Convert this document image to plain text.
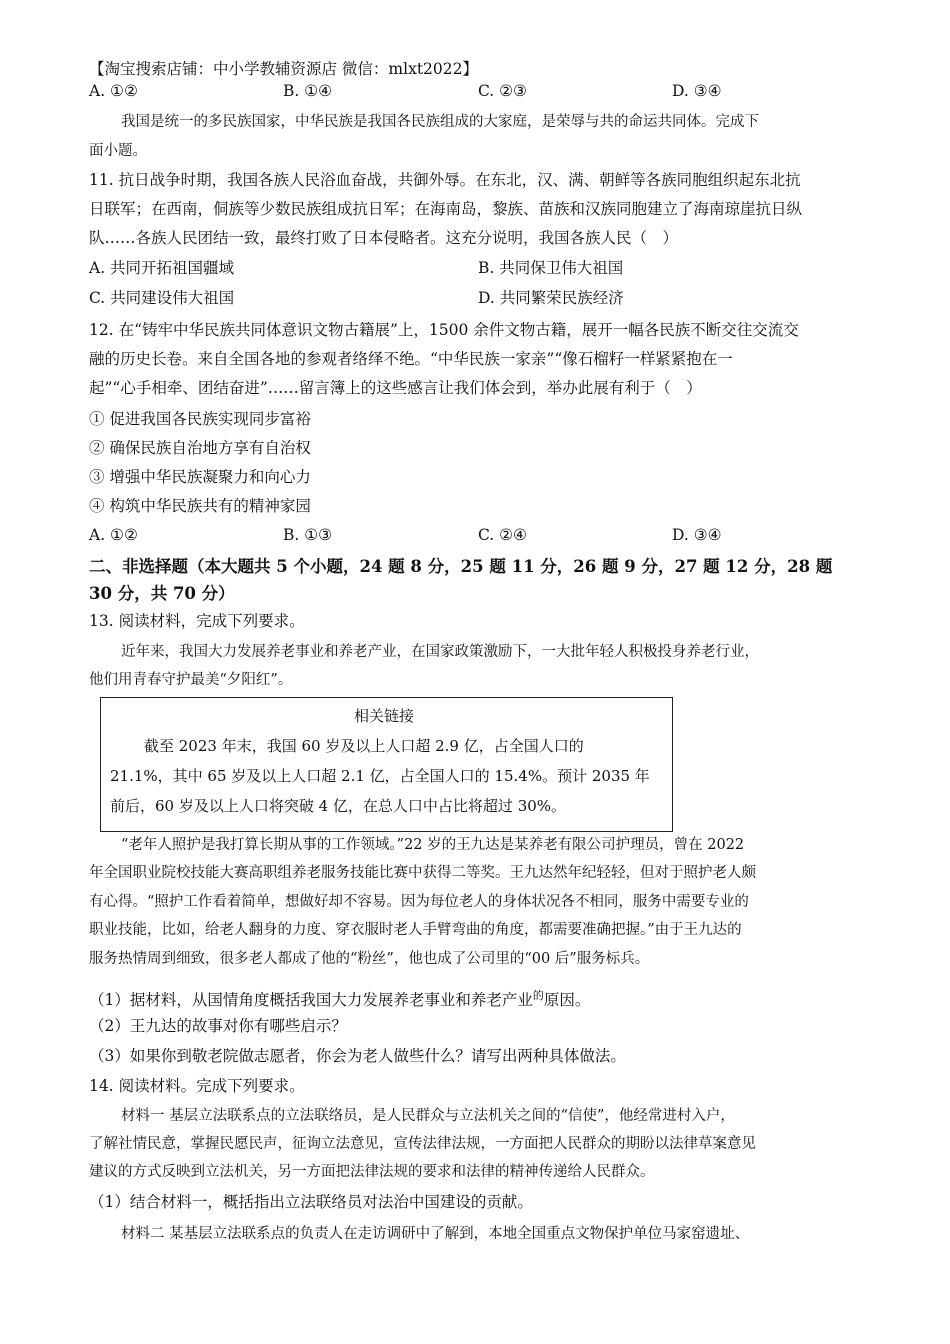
【淘宝搜索店铺：中小学教辅资源店 微信：mlxt2022】
A. ①②	B. ①④	C. ②③	D. ③④
我国是统一的多民族国家，中华民族是我国各民族组成的大家庭，是荣辱与共的命运共同体。完成下
面小题。
11. 抗日战争时期，我国各族人民浴血奋战，共御外辱。在东北，汉、满、朝鲜等各族同胞组织起东北抗
日联军；在西南，侗族等少数民族组成抗日军；在海南岛，黎族、苗族和汉族同胞建立了海南琼崖抗日纵
队……各族人民团结一致，最终打败了日本侵略者。这充分说明，我国各族人民（　）
A. 共同开拓祖国疆域	B. 共同保卫伟大祖国
C. 共同建设伟大祖国	D. 共同繁荣民族经济
12. 在“铸牢中华民族共同体意识文物古籍展”上，1500 余件文物古籍，展开一幅各民族不断交往交流交
融的历史长卷。来自全国各地的参观者络绎不绝。“中华民族一家亲”“像石榴籽一样紧紧抱在一
起”“心手相牵、团结奋进”……留言簿上的这些感言让我们体会到，举办此展有利于（　）
① 促进我国各民族实现同步富裕
② 确保民族自治地方享有自治权
③ 增强中华民族凝聚力和向心力
④ 构筑中华民族共有的精神家园
A. ①②	B. ①③	C. ②④	D. ③④
二、非选择题（本大题共 5 个小题，24 题 8 分，25 题 11 分，26 题 9 分，27 题 12 分，28 题
30 分，共 70 分）
13. 阅读材料，完成下列要求。
近年来，我国大力发展养老事业和养老产业，在国家政策激励下，一大批年轻人积极投身养老行业，
他们用青春守护最美“夕阳红”。
相关链接
截至 2023 年末，我国 60 岁及以上人口超 2.9 亿，占全国人口的
21.1%，其中 65 岁及以上人口超 2.1 亿，占全国人口的 15.4%。预计 2035 年
前后，60 岁及以上人口将突破 4 亿，在总人口中占比将超过 30%。
“老年人照护是我打算长期从事的工作领域。”22 岁的王九达是某养老有限公司护理员，曾在 2022
年全国职业院校技能大赛高职组养老服务技能比赛中获得二等奖。王九达然年纪轻轻，但对于照护老人颇
有心得。“照护工作看着简单，想做好却不容易。因为每位老人的身体状况各不相同，服务中需要专业的
职业技能，比如，给老人翻身的力度、穿衣服时老人手臂弯曲的角度，都需要准确把握。”由于王九达的
服务热情周到细致，很多老人都成了他的“粉丝”，他也成了公司里的“00 后”服务标兵。
（1）据材料，从国情角度概括我国大力发展养老事业和养老产业$^的$原因。
（2）王九达的故事对你有哪些启示？
（3）如果你到敬老院做志愿者，你会为老人做些什么？请写出两种具体做法。
14. 阅读材料。完成下列要求。
材料一 基层立法联系点的立法联络员，是人民群众与立法机关之间的“信使”，他经常进村入户，
了解社情民意，掌握民愿民声，征询立法意见，宣传法律法规，一方面把人民群众的期盼以法律草案意见
建议的方式反映到立法机关，另一方面把法律法规的要求和法律的精神传递给人民群众。
（1）结合材料一，概括指出立法联络员对法治中国建设的贡献。
材料二 某基层立法联系点的负责人在走访调研中了解到，本地全国重点文物保护单位马家窑遗址、
